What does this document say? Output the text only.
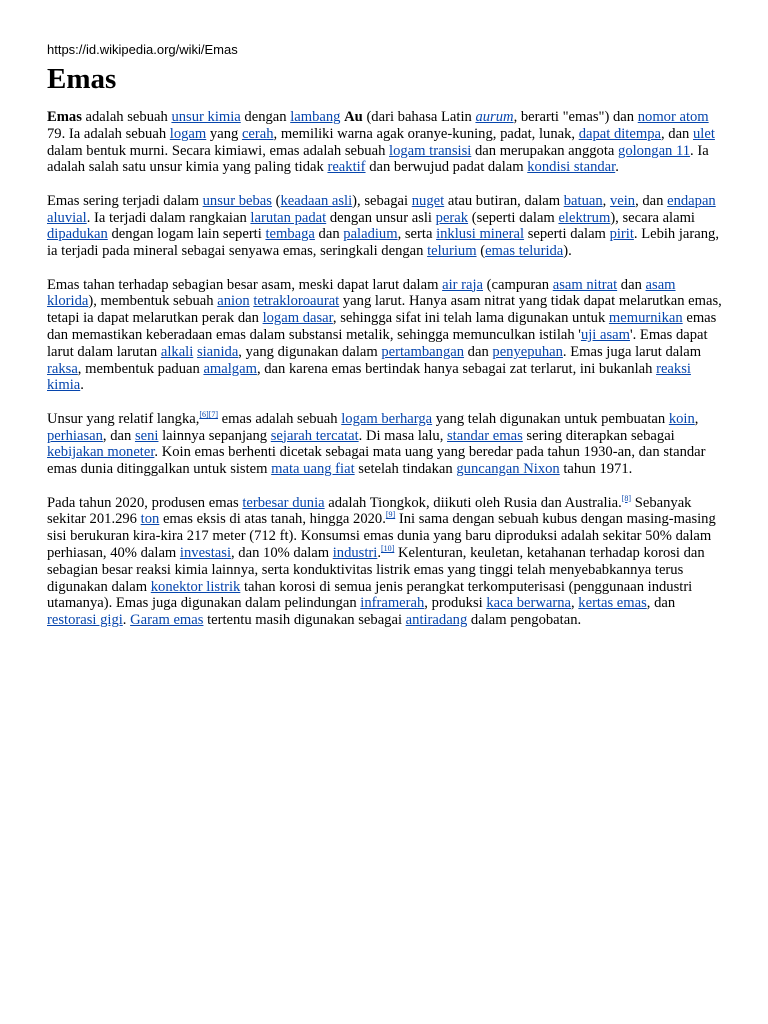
https://id.wikipedia.org/wiki/Emas
Emas

Emas adalah sebuah unsur kimia dengan lambang Au (dari bahasa Latin aurum, berarti "emas") dan nomor atom 79. Ia adalah sebuah logam yang cerah, memiliki warna agak oranye-kuning, padat, lunak, dapat ditempa, dan ulet dalam bentuk murni. Secara kimiawi, emas adalah sebuah logam transisi dan merupakan anggota golongan 11. Ia adalah salah satu unsur kimia yang paling tidak reaktif dan berwujud padat dalam kondisi standar.

Emas sering terjadi dalam unsur bebas (keadaan asli), sebagai nuget atau butiran, dalam batuan, vein, dan endapan aluvial. Ia terjadi dalam rangkaian larutan padat dengan unsur asli perak (seperti dalam elektrum), secara alami dipadukan dengan logam lain seperti tembaga dan paladium, serta inklusi mineral seperti dalam pirit. Lebih jarang, ia terjadi pada mineral sebagai senyawa emas, seringkali dengan telurium (emas telurida).

Emas tahan terhadap sebagian besar asam, meski dapat larut dalam air raja (campuran asam nitrat dan asam klorida), membentuk sebuah anion tetrakloroaurat yang larut. Hanya asam nitrat yang tidak dapat melarutkan emas, tetapi ia dapat melarutkan perak dan logam dasar, sehingga sifat ini telah lama digunakan untuk memurnikan emas dan memastikan keberadaan emas dalam substansi metalik, sehingga memunculkan istilah 'uji asam'. Emas dapat larut dalam larutan alkali sianida, yang digunakan dalam pertambangan dan penyepuhan. Emas juga larut dalam raksa, membentuk paduan amalgam, dan karena emas bertindak hanya sebagai zat terlarut, ini bukanlah reaksi kimia.

Unsur yang relatif langka,[6][7] emas adalah sebuah logam berharga yang telah digunakan untuk pembuatan koin, perhiasan, dan seni lainnya sepanjang sejarah tercatat. Di masa lalu, standar emas sering diterapkan sebagai kebijakan moneter. Koin emas berhenti dicetak sebagai mata uang yang beredar pada tahun 1930-an, dan standar emas dunia ditinggalkan untuk sistem mata uang fiat setelah tindakan guncangan Nixon tahun 1971.

Pada tahun 2020, produsen emas terbesar dunia adalah Tiongkok, diikuti oleh Rusia dan Australia.[8] Sebanyak sekitar 201.296 ton emas eksis di atas tanah, hingga 2020.[9] Ini sama dengan sebuah kubus dengan masing-masing sisi berukuran kira-kira 217 meter (712 ft). Konsumsi emas dunia yang baru diproduksi adalah sekitar 50% dalam perhiasan, 40% dalam investasi, dan 10% dalam industri.[10] Kelenturan, keuletan, ketahanan terhadap korosi dan sebagian besar reaksi kimia lainnya, serta konduktivitas listrik emas yang tinggi telah menyebabkannya terus digunakan dalam konektor listrik tahan korosi di semua jenis perangkat terkomputerisasi (penggunaan industri utamanya). Emas juga digunakan dalam pelindungan inframerah, produksi kaca berwarna, kertas emas, dan restorasi gigi. Garam emas tertentu masih digunakan sebagai antiradang dalam pengobatan.
